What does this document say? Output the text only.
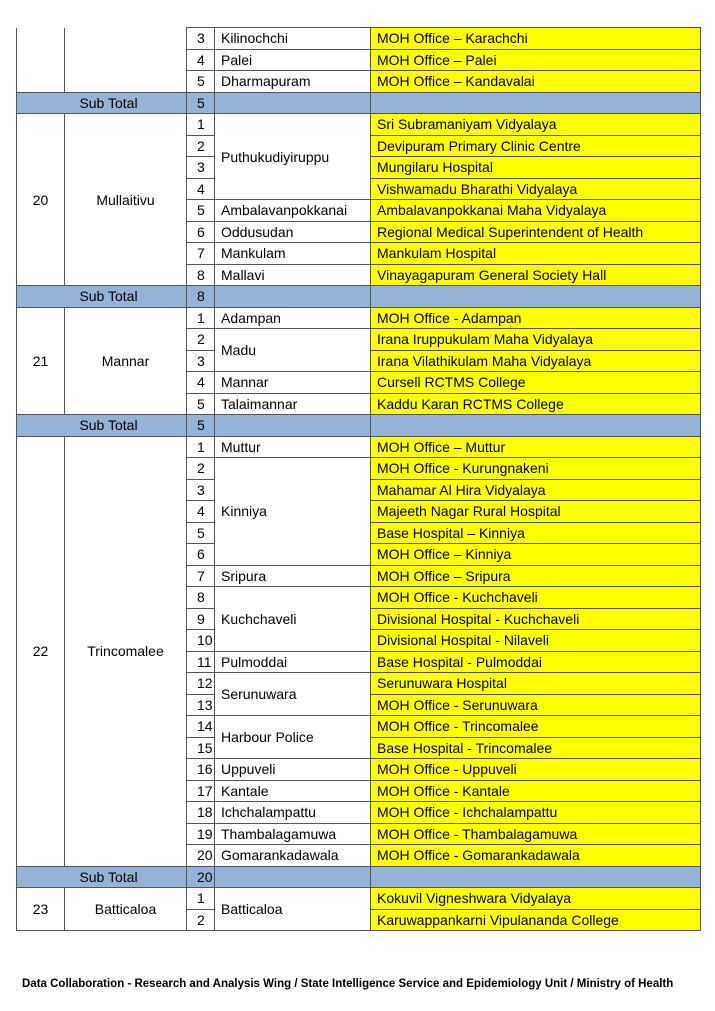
		3	Kilinochchi	MOH Office – Karachchi
		4	Palei	MOH Office – Palei
		5	Dharmapuram	MOH Office – Kandavalai
Sub Total		5		
20	Mullaitivu	1	Puthukudiyiruppu	Sri Subramaniyam Vidyalaya
		2		Devipuram Primary Clinic Centre
		3		Mungilaru Hospital
		4		Vishwamadu Bharathi Vidyalaya
		5	Ambalavanpokkanai	Ambalavanpokkanai Maha Vidyalaya
		6	Oddusudan	Regional Medical Superintendent of Health
		7	Mankulam	Mankulam Hospital
		8	Mallavi	Vinayagapuram General Society Hall
Sub Total		8		
21	Mannar	1	Adampan	MOH Office - Adampan
		2	Madu	Irana Iruppukulam Maha Vidyalaya
		3		Irana Vilathikulam Maha Vidyalaya
		4	Mannar	Cursell RCTMS College
		5	Talaimannar	Kaddu Karan RCTMS College
Sub Total		5		
22	Trincomalee	1	Muttur	MOH Office – Muttur
		2	Kinniya	MOH Office - Kurungnakeni
		3		Mahamar Al Hira Vidyalaya
		4		Majeeth Nagar Rural Hospital
		5		Base Hospital – Kinniya
		6		MOH Office – Kinniya
		7	Sripura	MOH Office – Sripura
		8	Kuchchaveli	MOH Office - Kuchchaveli
		9		Divisional Hospital - Kuchchaveli
		10		Divisional Hospital - Nilaveli
		11	Pulmoddai	Base Hospital - Pulmoddai
		12	Serunuwara	Serunuwara Hospital
		13		MOH Office - Serunuwara
		14	Harbour Police	MOH Office - Trincomalee
		15		Base Hospital - Trincomalee
		16	Uppuveli	MOH Office - Uppuveli
		17	Kantale	MOH Office - Kantale
		18	Ichchalampattu	MOH Office - Ichchalampattu
		19	Thambalagamuwa	MOH Office - Thambalagamuwa
		20	Gomarankadawala	MOH Office - Gomarankadawala
Sub Total		20		
23	Batticaloa	1	Batticaloa	Kokuvil Vigneshwara Vidyalaya
		2		Karuwappankarni Vipulananda College
Data Collaboration - Research and Analysis Wing / State Intelligence Service and Epidemiology Unit / Ministry of Health
